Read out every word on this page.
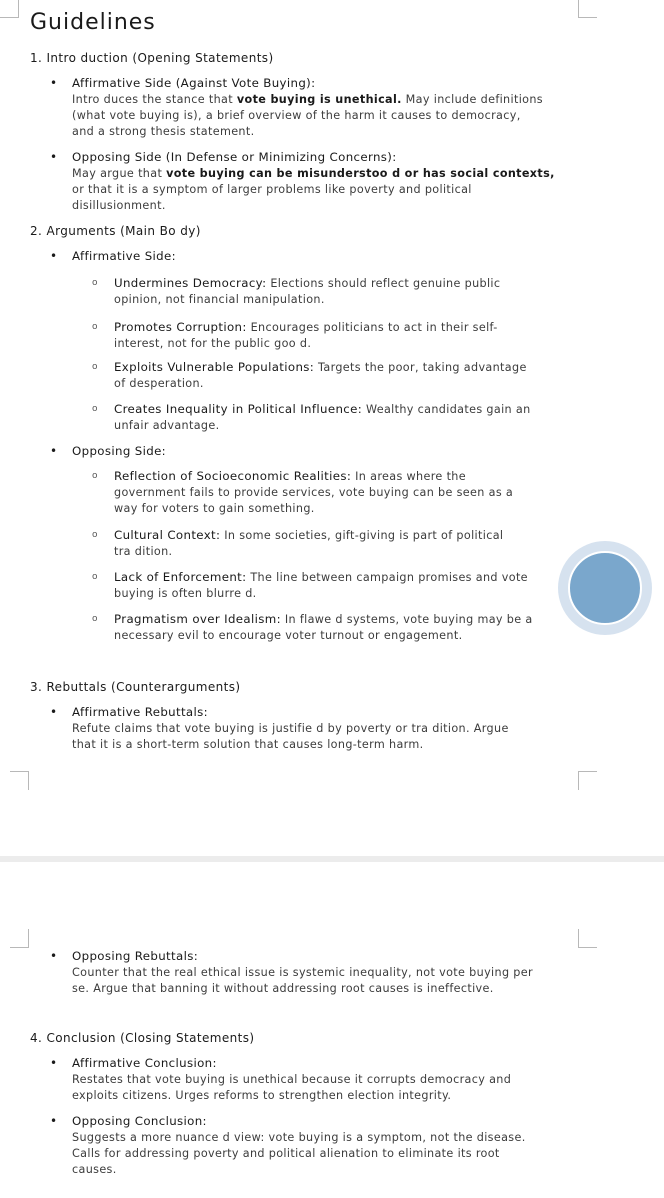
Guidelines
1. Intro duction (Opening Statements)
• Affirmative Side (Against Vote Buying):
Intro duces the stance that vote buying is unethical. May include definitions
(what vote buying is), a brief overview of the harm it causes to democracy,
and a strong thesis statement.
• Opposing Side (In Defense or Minimizing Concerns):
May argue that vote buying can be misunderstoo d or has social contexts,
or that it is a symptom of larger problems like poverty and political
disillusionment.
2. Arguments (Main Bo dy)
• Affirmative Side:
o Undermines Democracy: Elections should reflect genuine public
opinion, not financial manipulation.
o Promotes Corruption: Encourages politicians to act in their self-
interest, not for the public goo d.
o Exploits Vulnerable Populations: Targets the poor, taking advantage
of desperation.
o Creates Inequality in Political Influence: Wealthy candidates gain an
unfair advantage.
• Opposing Side:
o Reflection of Socioeconomic Realities: In areas where the
government fails to provide services, vote buying can be seen as a
way for voters to gain something.
o Cultural Context: In some societies, gift-giving is part of political
tra dition.
o Lack of Enforcement: The line between campaign promises and vote
buying is often blurre d.
o Pragmatism over Idealism: In flawe d systems, vote buying may be a
necessary evil to encourage voter turnout or engagement.
3. Rebuttals (Counterarguments)
• Affirmative Rebuttals:
Refute claims that vote buying is justifie d by poverty or tra dition. Argue
that it is a short-term solution that causes long-term harm.
• Opposing Rebuttals:
Counter that the real ethical issue is systemic inequality, not vote buying per
se. Argue that banning it without addressing root causes is ineffective.
4. Conclusion (Closing Statements)
• Affirmative Conclusion:
Restates that vote buying is unethical because it corrupts democracy and
exploits citizens. Urges reforms to strengthen election integrity.
• Opposing Conclusion:
Suggests a more nuance d view: vote buying is a symptom, not the disease.
Calls for addressing poverty and political alienation to eliminate its root
causes.
